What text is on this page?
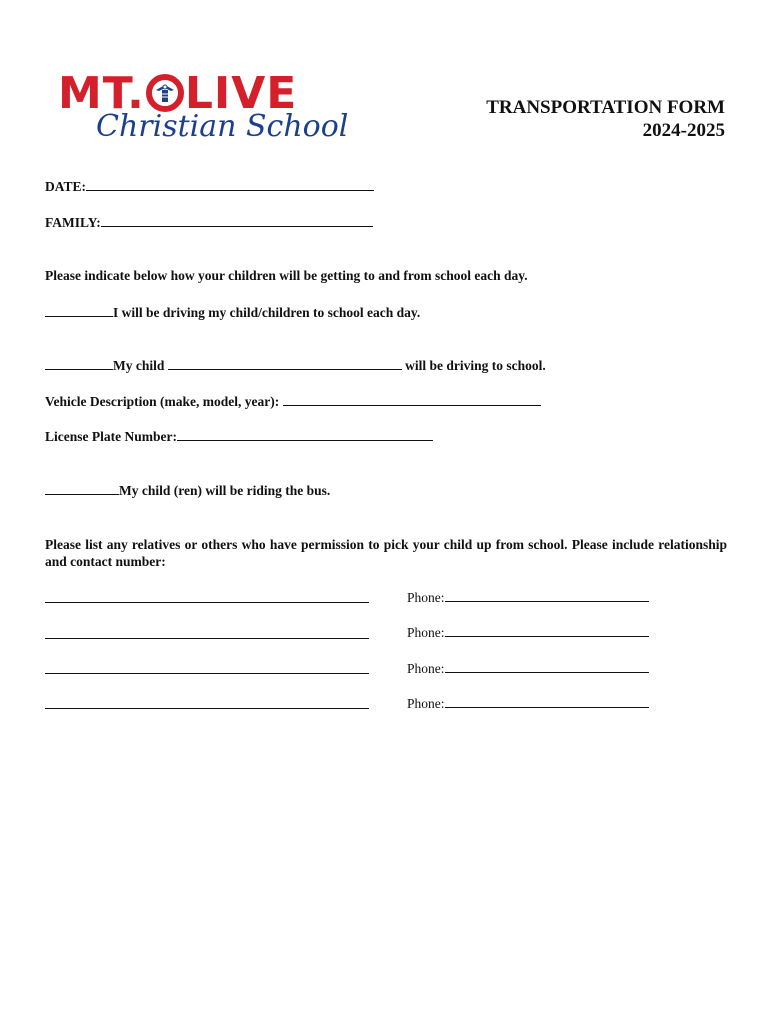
MT. LIVE
Christian School
TRANSPORTATION FORM
2024-2025
DATE:
FAMILY:
Please indicate below how your children will be getting to and from school each day.
I will be driving my child/children to school each day.
My child	will be driving to school.
Vehicle Description (make, model, year):
License Plate Number:
My child (ren) will be riding the bus.
Please list any relatives or others who have permission to pick your child up from school. Please include relationship and contact number:
Phone:
Phone:
Phone:
Phone:
